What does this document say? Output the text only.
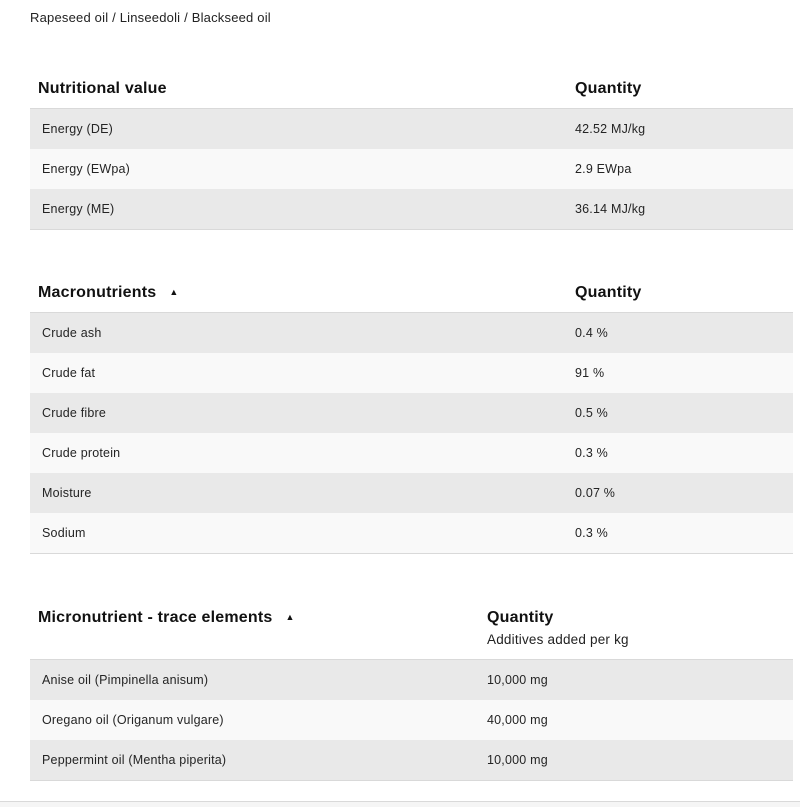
Rapeseed oil / Linseedoli / Blackseed oil
Nutritional value	Quantity
Energy (DE)	42.52 MJ/kg
Energy (EWpa)	2.9 EWpa
Energy (ME)	36.14 MJ/kg
Macronutrients ▲	Quantity
Crude ash	0.4 %
Crude fat	91 %
Crude fibre	0.5 %
Crude protein	0.3 %
Moisture	0.07 %
Sodium	0.3 %
Micronutrient - trace elements ▲	Quantity
Additives added per kg
Anise oil (Pimpinella anisum)	10,000 mg
Oregano oil (Origanum vulgare)	40,000 mg
Peppermint oil (Mentha piperita)	10,000 mg
